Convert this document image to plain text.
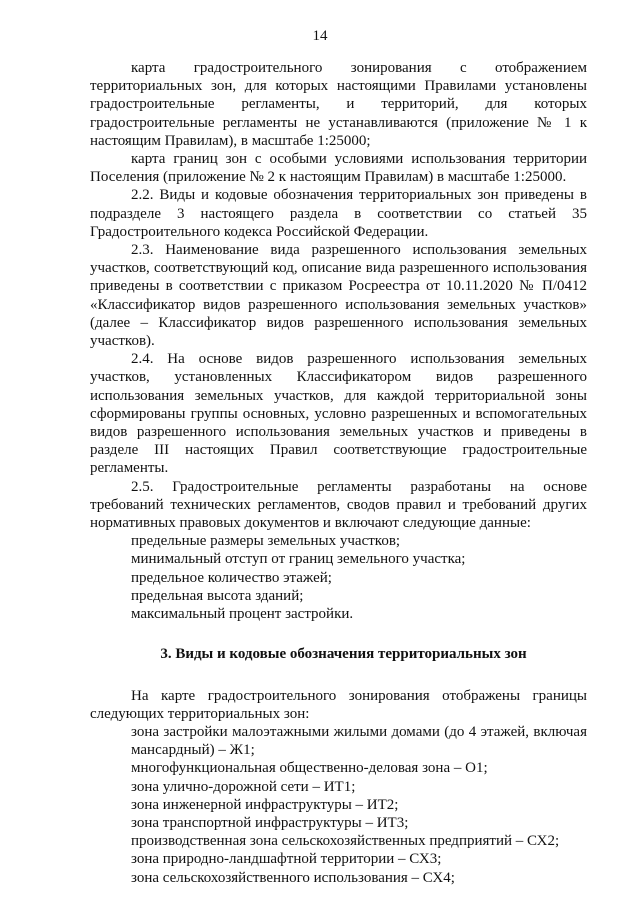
14

карта градостроительного зонирования с отображением территориальных зон, для которых настоящими Правилами установлены градостроительные регламенты, и территорий, для которых градостроительные регламенты не устанавливаются (приложение № 1 к настоящим Правилам), в масштабе 1:25000;

карта границ зон с особыми условиями использования территории Поселения (приложение № 2 к настоящим Правилам) в масштабе 1:25000.

2.2. Виды и кодовые обозначения территориальных зон приведены в подразделе 3 настоящего раздела в соответствии со статьей 35 Градостроительного кодекса Российской Федерации.

2.3. Наименование вида разрешенного использования земельных участков, соответствующий код, описание вида разрешенного использования приведены в соответствии с приказом Росреестра от 10.11.2020 № П/0412 «Классификатор видов разрешенного использования земельных участков» (далее – Классификатор видов разрешенного использования земельных участков).

2.4. На основе видов разрешенного использования земельных участков, установленных Классификатором видов разрешенного использования земельных участков, для каждой территориальной зоны сформированы группы основных, условно разрешенных и вспомогательных видов разрешенного использования земельных участков и приведены в разделе III настоящих Правил соответствующие градостроительные регламенты.

2.5. Градостроительные регламенты разработаны на основе требований технических регламентов, сводов правил и требований других нормативных правовых документов и включают следующие данные:

предельные размеры земельных участков;

минимальный отступ от границ земельного участка;

предельное количество этажей;

предельная высота зданий;

максимальный процент застройки.

3. Виды и кодовые обозначения территориальных зон

На карте градостроительного зонирования отображены границы следующих территориальных зон:

зона застройки малоэтажными жилыми домами (до 4 этажей, включая мансардный) – Ж1;

многофункциональная общественно-деловая зона – О1;

зона улично-дорожной сети – ИТ1;

зона инженерной инфраструктуры – ИТ2;

зона транспортной инфраструктуры – ИТ3;

производственная зона сельскохозяйственных предприятий – СХ2;

зона природно-ландшафтной территории – СХ3;

зона сельскохозяйственного использования – СХ4;
